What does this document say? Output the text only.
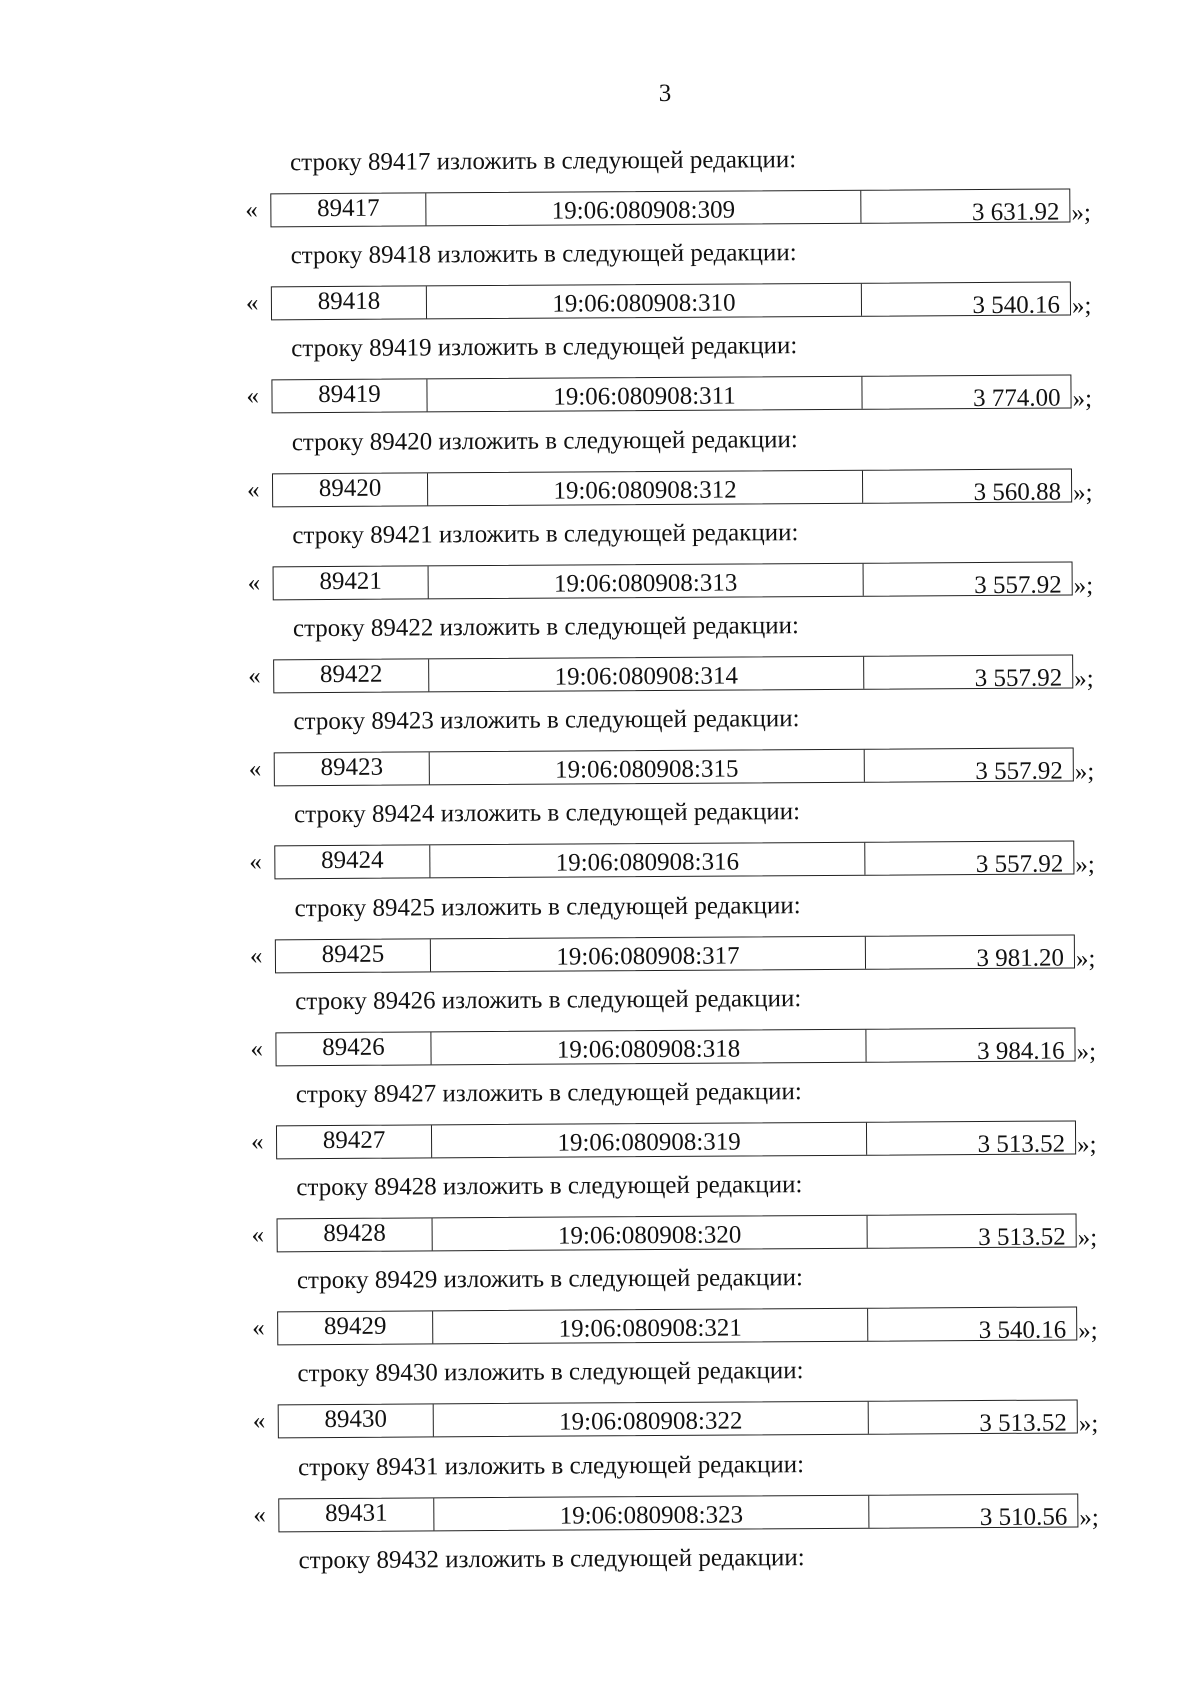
3
строку 89417 изложить в следующей редакции:
«	89417	19:06:080908:309	3 631.92 »;
строку 89418 изложить в следующей редакции:
«	89418	19:06:080908:310	3 540.16 »;
строку 89419 изложить в следующей редакции:
«	89419	19:06:080908:311	3 774.00 »;
строку 89420 изложить в следующей редакции:
«	89420	19:06:080908:312	3 560.88 »;
строку 89421 изложить в следующей редакции:
«	89421	19:06:080908:313	3 557.92 »;
строку 89422 изложить в следующей редакции:
«	89422	19:06:080908:314	3 557.92 »;
строку 89423 изложить в следующей редакции:
«	89423	19:06:080908:315	3 557.92 »;
строку 89424 изложить в следующей редакции:
«	89424	19:06:080908:316	3 557.92 »;
строку 89425 изложить в следующей редакции:
«	89425	19:06:080908:317	3 981.20 »;
строку 89426 изложить в следующей редакции:
«	89426	19:06:080908:318	3 984.16 »;
строку 89427 изложить в следующей редакции:
«	89427	19:06:080908:319	3 513.52 »;
строку 89428 изложить в следующей редакции:
«	89428	19:06:080908:320	3 513.52 »;
строку 89429 изложить в следующей редакции:
«	89429	19:06:080908:321	3 540.16 »;
строку 89430 изложить в следующей редакции:
«	89430	19:06:080908:322	3 513.52 »;
строку 89431 изложить в следующей редакции:
«	89431	19:06:080908:323	3 510.56 »;
строку 89432 изложить в следующей редакции:
